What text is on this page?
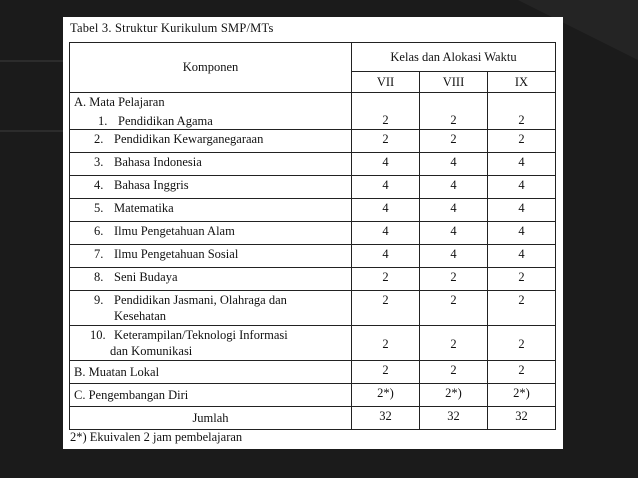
Tabel 3. Struktur Kurikulum SMP/MTs
Komponen	Kelas dan Alokasi Waktu		
	VII	VIII	IX

A. Mata Pelajaran
1. Pendidikan Agama	2	2	2
2. Pendidikan Kewarganegaraan	2	2	2
3. Bahasa Indonesia	4	4	4
4. Bahasa Inggris	4	4	4
5. Matematika	4	4	4
6. Ilmu Pengetahuan Alam	4	4	4
7. Ilmu Pengetahuan Sosial	4	4	4
8. Seni Budaya	2	2	2
9. Pendidikan Jasmani, Olahraga dan
Kesehatan	2	2	2
10. Keterampilan/Teknologi Informasi
dan Komunikasi	2	2	2
B. Muatan Lokal	2	2	2
C. Pengembangan Diri	2*)	2*)	2*)
Jumlah	32	32	32
2*) Ekuivalen 2 jam pembelajaran
